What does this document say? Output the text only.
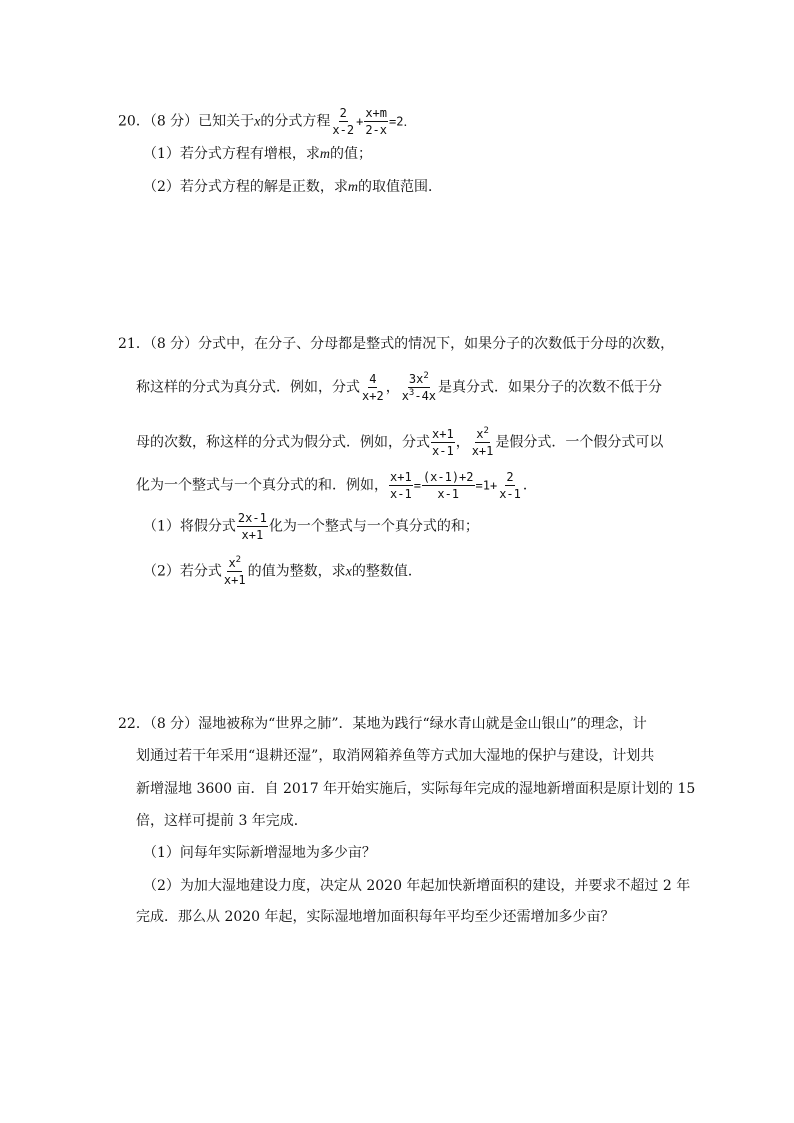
20．（8 分）已知关于x的分式方程 $\frac{2}{x-2} + \frac{x+m}{2-x} =2$．
（1）若分式方程有增根，求m的值；
（2）若分式方程的解是正数，求m的取值范围．
21．（8 分）分式中，在分子、分母都是整式的情况下，如果分子的次数低于分母的次数，
称这样的分式为真分式．例如，分式 $\frac{4}{x+2}$ ， $\frac{3x^2}{x^3-4x}$ 是真分式．如果分子的次数不低于分
母的次数，称这样的分式为假分式．例如，分式 $\frac{x+1}{x-1}$ ， $\frac{x^2}{x+1}$ 是假分式．一个假分式可以
化为一个整式与一个真分式的和．例如， $\frac{x+1}{x-1} = \frac{(x-1)+2}{x-1} =1+ \frac{2}{x-1}$ ．
（1）将假分式 $\frac{2x-1}{x+1}$ 化为一个整式与一个真分式的和；
（2）若分式 $\frac{x^2}{x+1}$ 的值为整数，求x的整数值．
22．（8 分）湿地被称为“世界之肺”．某地为践行“绿水青山就是金山银山”的理念，计
划通过若干年采用“退耕还湿”，取消网箱养鱼等方式加大湿地的保护与建设，计划共
新增湿地 3600 亩．自 2017 年开始实施后，实际每年完成的湿地新增面积是原计划的 15
倍，这样可提前 3 年完成．
（1）问每年实际新增湿地为多少亩？
（2）为加大湿地建设力度，决定从 2020 年起加快新增面积的建设，并要求不超过 2 年
完成．那么从 2020 年起，实际湿地增加面积每年平均至少还需增加多少亩？
